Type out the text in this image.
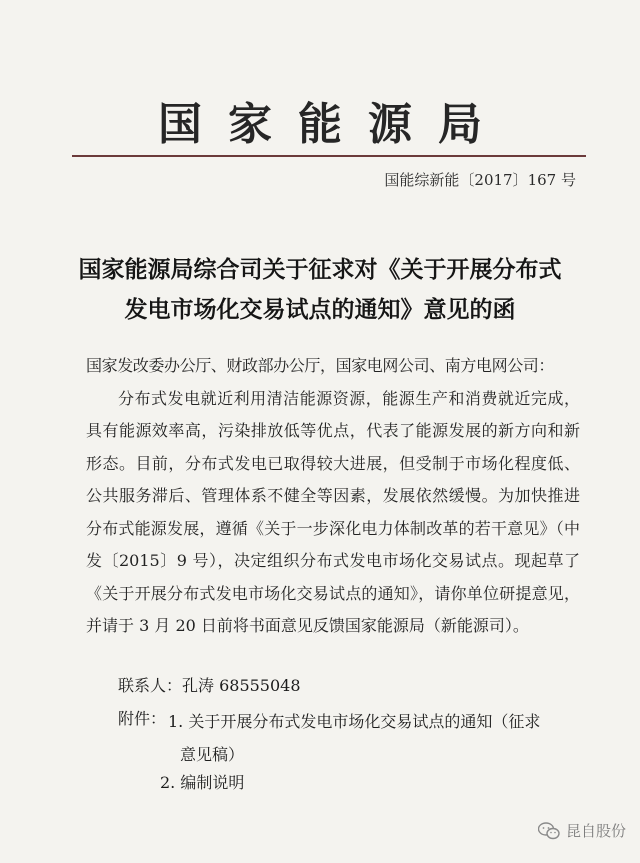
国家能源局
国能综新能〔2017〕167 号
国家能源局综合司关于征求对《关于开展分布式
发电市场化交易试点的通知》意见的函
国家发改委办公厅、财政部办公厅，国家电网公司、南方电网公司：
分布式发电就近利用清洁能源资源，能源生产和消费就近完成，具有能源效率高，污染排放低等优点，代表了能源发展的新方向和新形态。目前，分布式发电已取得较大进展，但受制于市场化程度低、公共服务滞后、管理体系不健全等因素，发展依然缓慢。为加快推进分布式能源发展，遵循《关于一步深化电力体制改革的若干意见》（中发〔2015〕9 号），决定组织分布式发电市场化交易试点。现起草了《关于开展分布式发电市场化交易试点的通知》，请你单位研提意见，并请于 3 月 20 日前将书面意见反馈国家能源局（新能源司）。
联系人：孔涛 68555048
附件： 1. 关于开展分布式发电市场化交易试点的通知（征求
意见稿）
2. 编制说明
昆自股份
